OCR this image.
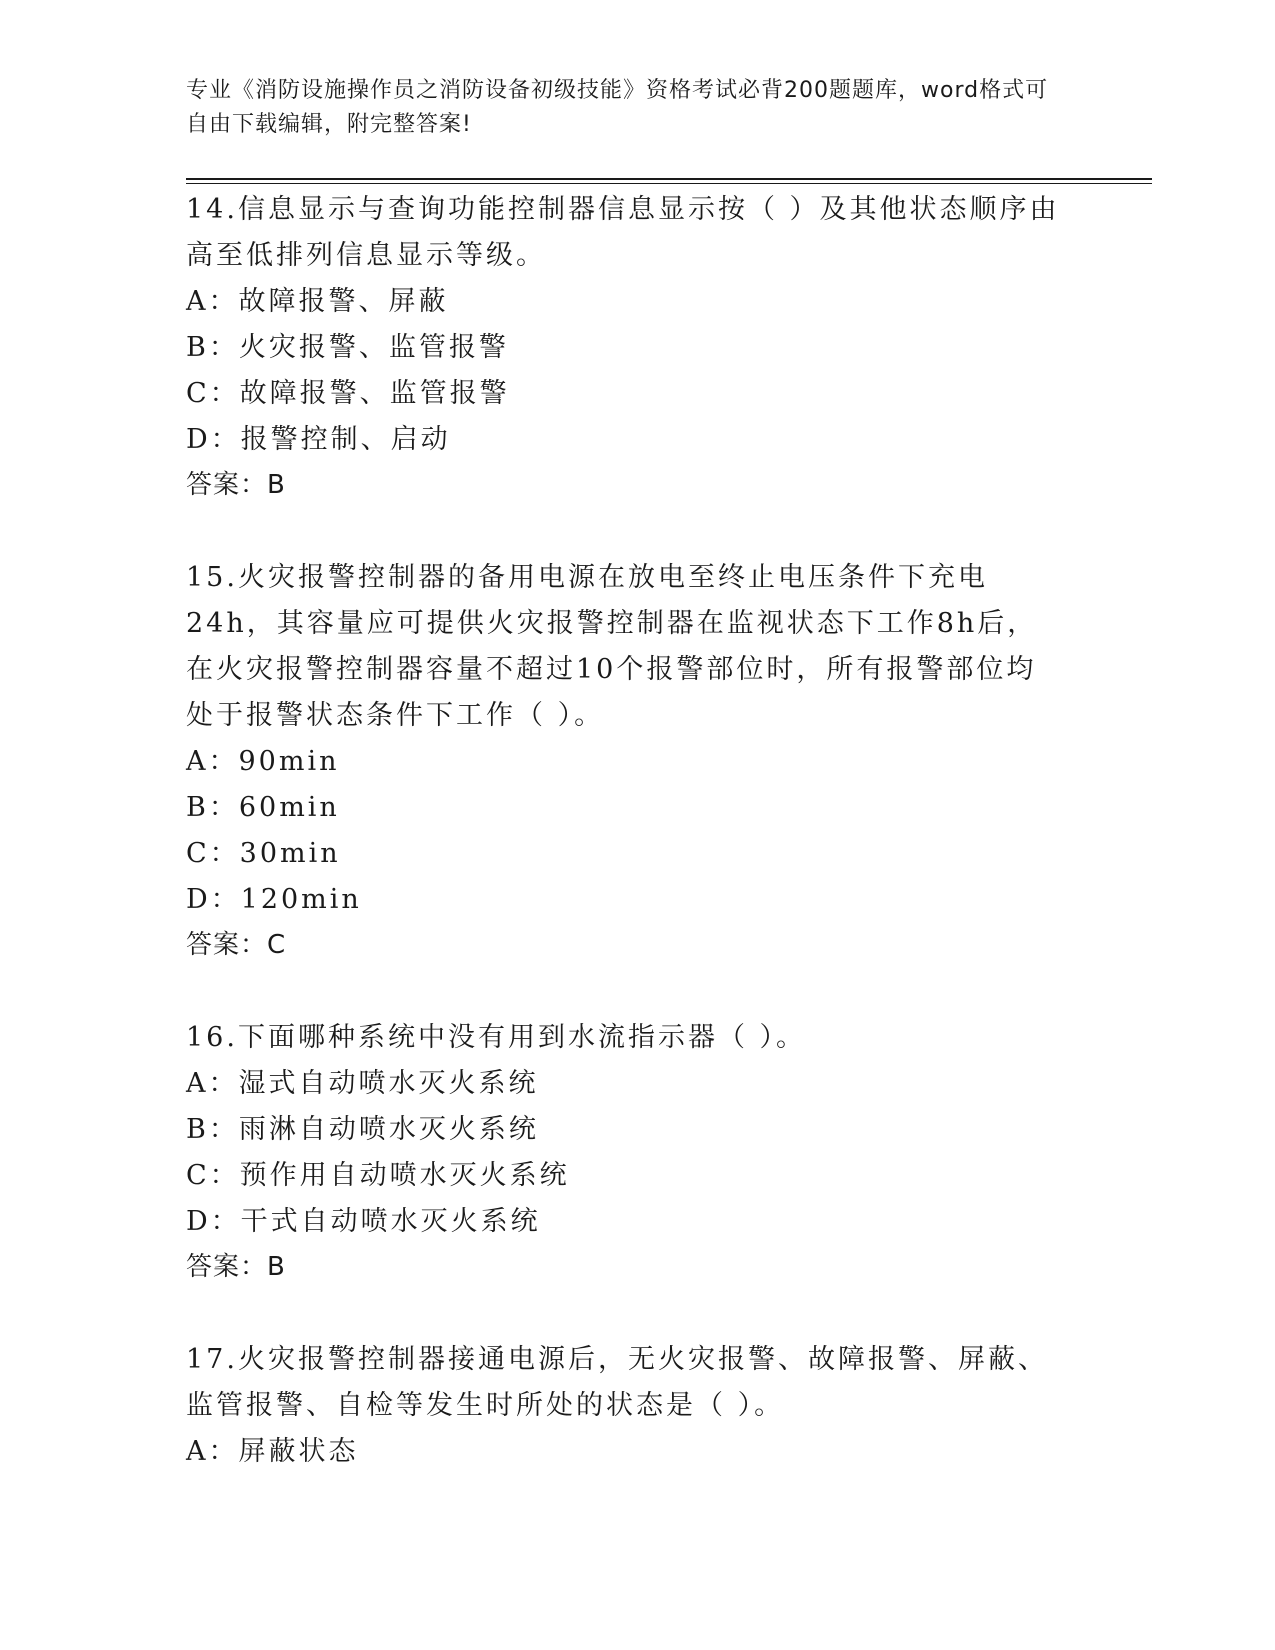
专业《消防设施操作员之消防设备初级技能》资格考试必背200题题库，word格式可自由下载编辑，附完整答案!
14.信息显示与查询功能控制器信息显示按（ ）及其他状态顺序由高至低排列信息显示等级。
A：故障报警、屏蔽
B：火灾报警、监管报警
C：故障报警、监管报警
D：报警控制、启动
答案：B
15.火灾报警控制器的备用电源在放电至终止电压条件下充电24h，其容量应可提供火灾报警控制器在监视状态下工作8h后，在火灾报警控制器容量不超过10个报警部位时，所有报警部位均处于报警状态条件下工作（ ）。
A：90min
B：60min
C：30min
D：120min
答案：C
16.下面哪种系统中没有用到水流指示器（ ）。
A：湿式自动喷水灭火系统
B：雨淋自动喷水灭火系统
C：预作用自动喷水灭火系统
D：干式自动喷水灭火系统
答案：B
17.火灾报警控制器接通电源后，无火灾报警、故障报警、屏蔽、监管报警、自检等发生时所处的状态是（ ）。
A：屏蔽状态
